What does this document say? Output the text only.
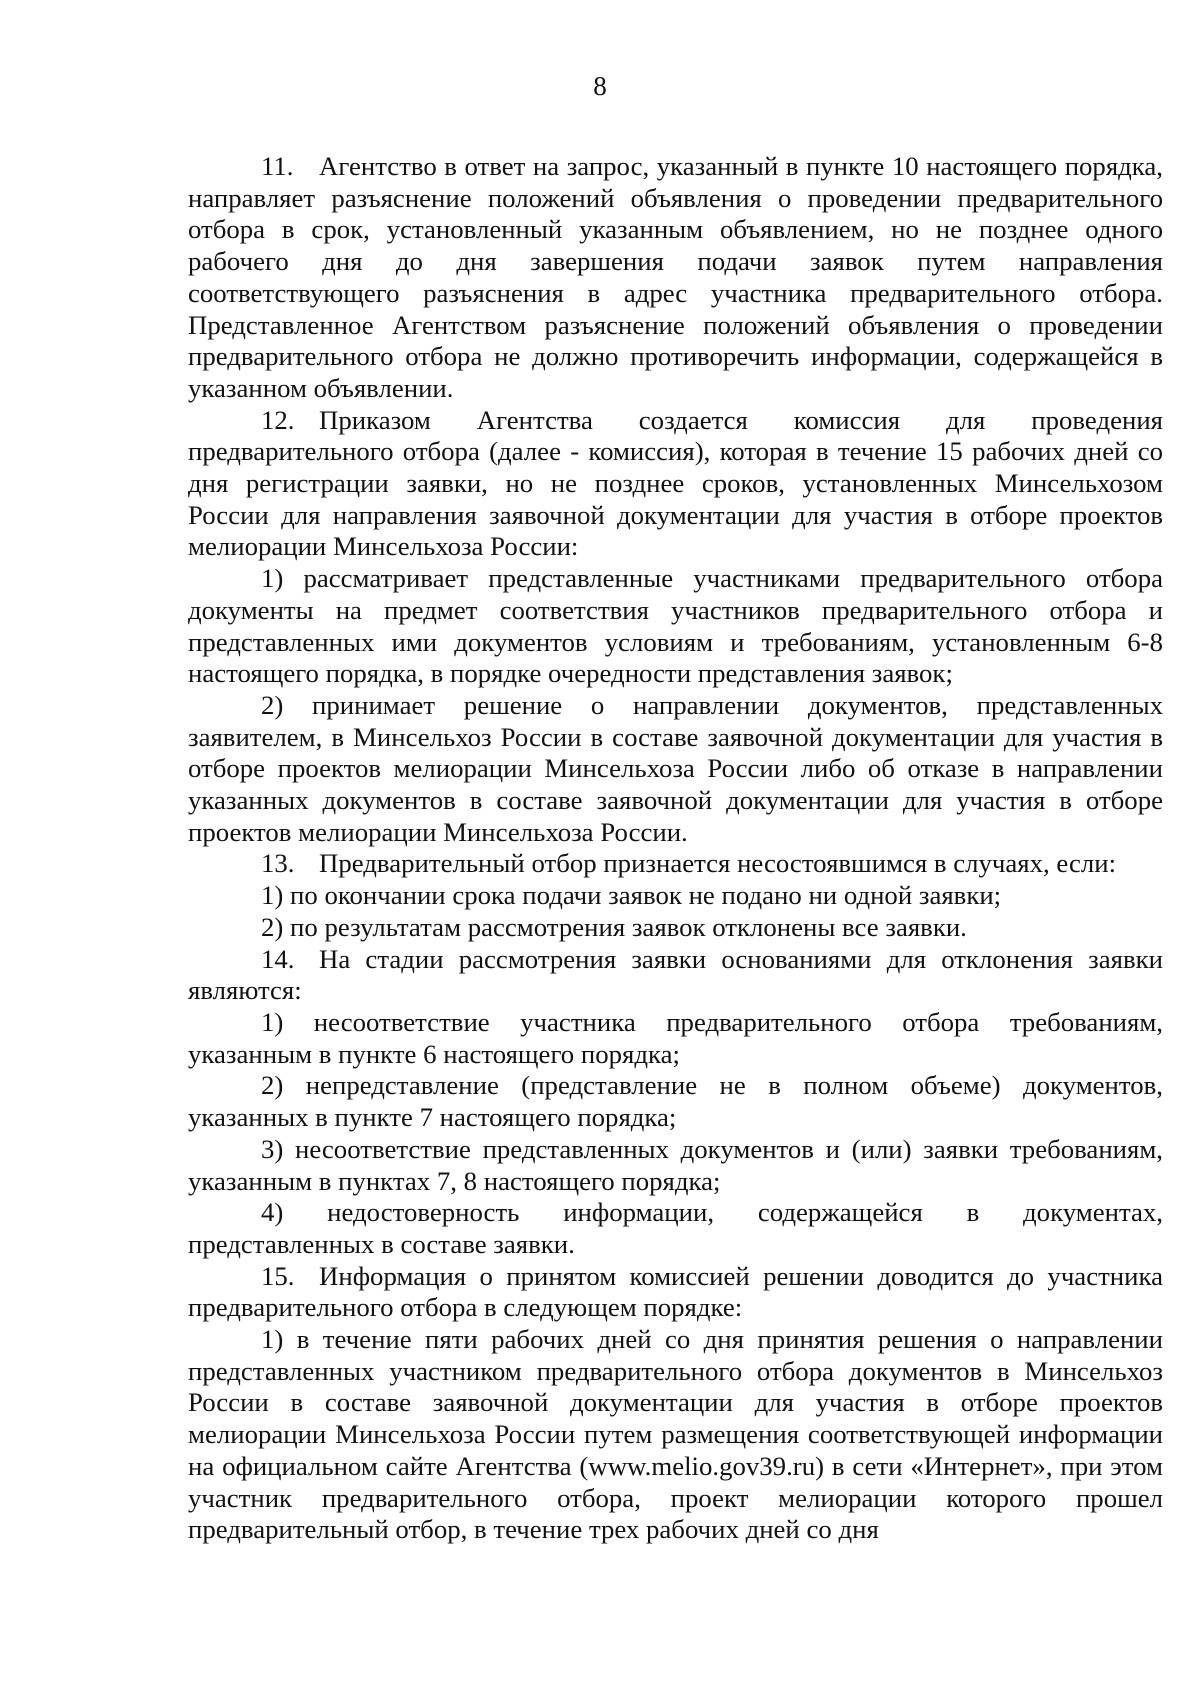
8

11. Агентство в ответ на запрос, указанный в пункте 10 настоящего порядка, направляет разъяснение положений объявления о проведении предварительного отбора в срок, установленный указанным объявлением, но не позднее одного рабочего дня до дня завершения подачи заявок путем направления соответствующего разъяснения в адрес участника предварительного отбора. Представленное Агентством разъяснение положений объявления о проведении предварительного отбора не должно противоречить информации, содержащейся в указанном объявлении.

12. Приказом Агентства создается комиссия для проведения предварительного отбора (далее - комиссия), которая в течение 15 рабочих дней со дня регистрации заявки, но не позднее сроков, установленных Минсельхозом России для направления заявочной документации для участия в отборе проектов мелиорации Минсельхоза России:

1) рассматривает представленные участниками предварительного отбора документы на предмет соответствия участников предварительного отбора и представленных ими документов условиям и требованиям, установленным 6-8 настоящего порядка, в порядке очередности представления заявок;

2) принимает решение о направлении документов, представленных заявителем, в Минсельхоз России в составе заявочной документации для участия в отборе проектов мелиорации Минсельхоза России либо об отказе в направлении указанных документов в составе заявочной документации для участия в отборе проектов мелиорации Минсельхоза России.

13. Предварительный отбор признается несостоявшимся в случаях, если:

1) по окончании срока подачи заявок не подано ни одной заявки;

2) по результатам рассмотрения заявок отклонены все заявки.

14. На стадии рассмотрения заявки основаниями для отклонения заявки являются:

1) несоответствие участника предварительного отбора требованиям, указанным в пункте 6 настоящего порядка;

2) непредставление (представление не в полном объеме) документов, указанных в пункте 7 настоящего порядка;

3) несоответствие представленных документов и (или) заявки требованиям, указанным в пунктах 7, 8 настоящего порядка;

4) недостоверность информации, содержащейся в документах, представленных в составе заявки.

15. Информация о принятом комиссией решении доводится до участника предварительного отбора в следующем порядке:

1) в течение пяти рабочих дней со дня принятия решения о направлении представленных участником предварительного отбора документов в Минсельхоз России в составе заявочной документации для участия в отборе проектов мелиорации Минсельхоза России путем размещения соответствующей информации на официальном сайте Агентства (www.melio.gov39.ru) в сети «Интернет», при этом участник предварительного отбора, проект мелиорации которого прошел предварительный отбор, в течение трех рабочих дней со дня
